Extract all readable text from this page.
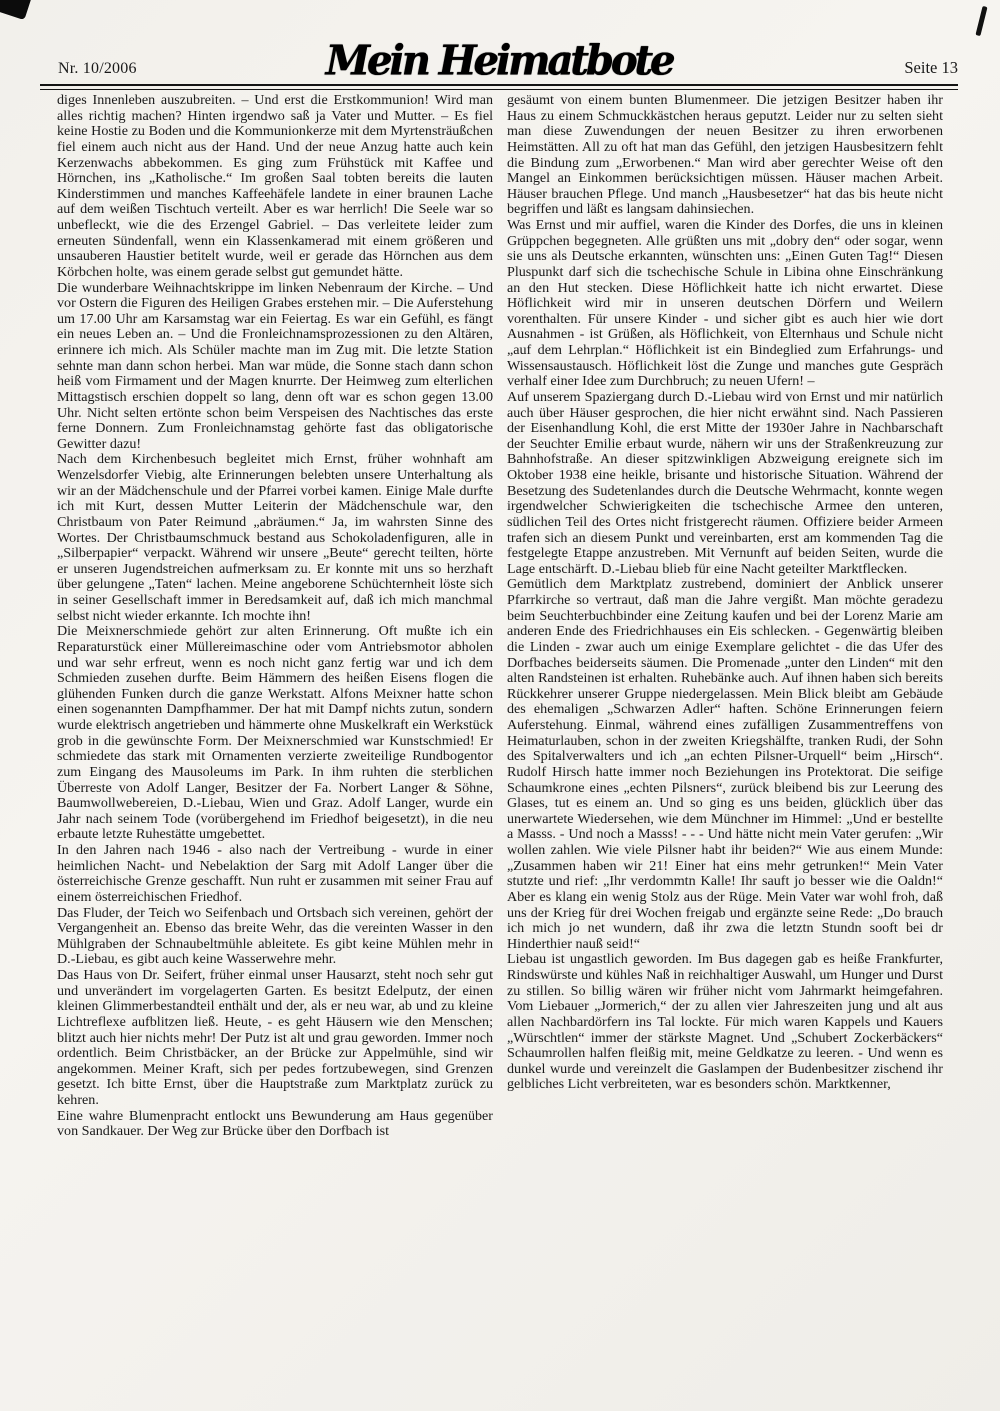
Nr. 10/2006	Mein Heimatbote	Seite 13

diges Innenleben auszubreiten. – Und erst die Erstkommunion! Wird man alles richtig machen? Hinten irgendwo saß ja Vater und Mutter. – Es fiel keine Hostie zu Boden und die Kommunionkerze mit dem Myrtensträußchen fiel einem auch nicht aus der Hand. Und der neue Anzug hatte auch kein Kerzenwachs abbekommen. Es ging zum Frühstück mit Kaffee und Hörnchen, ins „Katholische.“ Im großen Saal tobten bereits die lauten Kinderstimmen und manches Kaffeehäfele landete in einer braunen Lache auf dem weißen Tischtuch verteilt. Aber es war herrlich! Die Seele war so unbefleckt, wie die des Erzengel Gabriel. – Das verleitete leider zum erneuten Sündenfall, wenn ein Klassenkamerad mit einem größeren und unsauberen Haustier betitelt wurde, weil er gerade das Hörnchen aus dem Körbchen holte, was einem gerade selbst gut gemundet hätte.

Die wunderbare Weihnachtskrippe im linken Nebenraum der Kirche. – Und vor Ostern die Figuren des Heiligen Grabes erstehen mir. – Die Auferstehung um 17.00 Uhr am Karsamstag war ein Feiertag. Es war ein Gefühl, es fängt ein neues Leben an. – Und die Fronleichnamsprozessionen zu den Altären, erinnere ich mich. Als Schüler machte man im Zug mit. Die letzte Station sehnte man dann schon herbei. Man war müde, die Sonne stach dann schon heiß vom Firmament und der Magen knurrte. Der Heimweg zum elterlichen Mittagstisch erschien doppelt so lang, denn oft war es schon gegen 13.00 Uhr. Nicht selten ertönte schon beim Verspeisen des Nachtisches das erste ferne Donnern. Zum Fronleichnamstag gehörte fast das obligatorische Gewitter dazu!

Nach dem Kirchenbesuch begleitet mich Ernst, früher wohnhaft am Wenzelsdorfer Viebig, alte Erinnerungen belebten unsere Unterhaltung als wir an der Mädchenschule und der Pfarrei vorbei kamen. Einige Male durfte ich mit Kurt, dessen Mutter Leiterin der Mädchenschule war, den Christbaum von Pater Reimund „abräumen.“ Ja, im wahrsten Sinne des Wortes. Der Christbaumschmuck bestand aus Schokoladenfiguren, alle in „Silberpapier“ verpackt. Während wir unsere „Beute“ gerecht teilten, hörte er unseren Jugendstreichen aufmerksam zu. Er konnte mit uns so herzhaft über gelungene „Taten“ lachen. Meine angeborene Schüchternheit löste sich in seiner Gesellschaft immer in Beredsamkeit auf, daß ich mich manchmal selbst nicht wieder erkannte. Ich mochte ihn!

Die Meixnerschmiede gehört zur alten Erinnerung. Oft mußte ich ein Reparaturstück einer Müllereimaschine oder vom Antriebsmotor abholen und war sehr erfreut, wenn es noch nicht ganz fertig war und ich dem Schmieden zusehen durfte. Beim Hämmern des heißen Eisens flogen die glühenden Funken durch die ganze Werkstatt. Alfons Meixner hatte schon einen sogenannten Dampfhammer. Der hat mit Dampf nichts zutun, sondern wurde elektrisch angetrieben und hämmerte ohne Muskelkraft ein Werkstück grob in die gewünschte Form. Der Meixnerschmied war Kunstschmied! Er schmiedete das stark mit Ornamenten verzierte zweiteilige Rundbogentor zum Eingang des Mausoleums im Park. In ihm ruhten die sterblichen Überreste von Adolf Langer, Besitzer der Fa. Norbert Langer & Söhne, Baumwollwebereien, D.-Liebau, Wien und Graz. Adolf Langer, wurde ein Jahr nach seinem Tode (vorübergehend im Friedhof beigesetzt), in die neu erbaute letzte Ruhestätte umgebettet.

In den Jahren nach 1946 - also nach der Vertreibung - wurde in einer heimlichen Nacht- und Nebelaktion der Sarg mit Adolf Langer über die österreichische Grenze geschafft. Nun ruht er zusammen mit seiner Frau auf einem österreichischen Friedhof.

Das Fluder, der Teich wo Seifenbach und Ortsbach sich vereinen, gehört der Vergangenheit an. Ebenso das breite Wehr, das die vereinten Wasser in den Mühlgraben der Schnaubeltmühle ableitete. Es gibt keine Mühlen mehr in D.-Liebau, es gibt auch keine Wasserwehre mehr.

Das Haus von Dr. Seifert, früher einmal unser Hausarzt, steht noch sehr gut und unverändert im vorgelagerten Garten. Es besitzt Edelputz, der einen kleinen Glimmerbestandteil enthält und der, als er neu war, ab und zu kleine Lichtreflexe aufblitzen ließ. Heute, - es geht Häusern wie den Menschen; blitzt auch hier nichts mehr! Der Putz ist alt und grau geworden. Immer noch ordentlich. Beim Christbäcker, an der Brücke zur Appelmühle, sind wir angekommen. Meiner Kraft, sich per pedes fortzubewegen, sind Grenzen gesetzt. Ich bitte Ernst, über die Hauptstraße zum Marktplatz zurück zu kehren.

Eine wahre Blumenpracht entlockt uns Bewunderung am Haus gegenüber von Sandkauer. Der Weg zur Brücke über den Dorfbach ist

gesäumt von einem bunten Blumenmeer. Die jetzigen Besitzer haben ihr Haus zu einem Schmuckkästchen heraus geputzt. Leider nur zu selten sieht man diese Zuwendungen der neuen Besitzer zu ihren erworbenen Heimstätten. All zu oft hat man das Gefühl, den jetzigen Hausbesitzern fehlt die Bindung zum „Erworbenen.“ Man wird aber gerechter Weise oft den Mangel an Einkommen berücksichtigen müssen. Häuser machen Arbeit. Häuser brauchen Pflege. Und manch „Hausbesetzer“ hat das bis heute nicht begriffen und läßt es langsam dahinsiechen.

Was Ernst und mir auffiel, waren die Kinder des Dorfes, die uns in kleinen Grüppchen begegneten. Alle grüßten uns mit „dobry den“ oder sogar, wenn sie uns als Deutsche erkannten, wünschten uns: „Einen Guten Tag!“ Diesen Pluspunkt darf sich die tschechische Schule in Libina ohne Einschränkung an den Hut stecken. Diese Höflichkeit hatte ich nicht erwartet. Diese Höflichkeit wird mir in unseren deutschen Dörfern und Weilern vorenthalten. Für unsere Kinder - und sicher gibt es auch hier wie dort Ausnahmen - ist Grüßen, als Höflichkeit, von Elternhaus und Schule nicht „auf dem Lehrplan.“ Höflichkeit ist ein Bindeglied zum Erfahrungs- und Wissensaustausch. Höflichkeit löst die Zunge und manches gute Gespräch verhalf einer Idee zum Durchbruch; zu neuen Ufern! –

Auf unserem Spaziergang durch D.-Liebau wird von Ernst und mir natürlich auch über Häuser gesprochen, die hier nicht erwähnt sind. Nach Passieren der Eisenhandlung Kohl, die erst Mitte der 1930er Jahre in Nachbarschaft der Seuchter Emilie erbaut wurde, nähern wir uns der Straßenkreuzung zur Bahnhofstraße. An dieser spitzwinkligen Abzweigung ereignete sich im Oktober 1938 eine heikle, brisante und historische Situation. Während der Besetzung des Sudetenlandes durch die Deutsche Wehrmacht, konnte wegen irgendwelcher Schwierigkeiten die tschechische Armee den unteren, südlichen Teil des Ortes nicht fristgerecht räumen. Offiziere beider Armeen trafen sich an diesem Punkt und vereinbarten, erst am kommenden Tag die festgelegte Etappe anzustreben. Mit Vernunft auf beiden Seiten, wurde die Lage entschärft. D.-Liebau blieb für eine Nacht geteilter Marktflecken.

Gemütlich dem Marktplatz zustrebend, dominiert der Anblick unserer Pfarrkirche so vertraut, daß man die Jahre vergißt. Man möchte geradezu beim Seuchterbuchbinder eine Zeitung kaufen und bei der Lorenz Marie am anderen Ende des Friedrichhauses ein Eis schlecken. - Gegenwärtig bleiben die Linden - zwar auch um einige Exemplare gelichtet - die das Ufer des Dorfbaches beiderseits säumen. Die Promenade „unter den Linden“ mit den alten Randsteinen ist erhalten. Ruhebänke auch. Auf ihnen haben sich bereits Rückkehrer unserer Gruppe niedergelassen. Mein Blick bleibt am Gebäude des ehemaligen „Schwarzen Adler“ haften. Schöne Erinnerungen feiern Auferstehung. Einmal, während eines zufälligen Zusammentreffens von Heimaturlauben, schon in der zweiten Kriegshälfte, tranken Rudi, der Sohn des Spitalverwalters und ich „an echten Pilsner-Urquell“ beim „Hirsch“. Rudolf Hirsch hatte immer noch Beziehungen ins Protektorat. Die seifige Schaumkrone eines „echten Pilsners“, zurück bleibend bis zur Leerung des Glases, tut es einem an. Und so ging es uns beiden, glücklich über das unerwartete Wiedersehen, wie dem Münchner im Himmel: „Und er bestellte a Masss. - Und noch a Masss! - - - Und hätte nicht mein Vater gerufen: „Wir wollen zahlen. Wie viele Pilsner habt ihr beiden?“ Wie aus einem Munde: „Zusammen haben wir 21! Einer hat eins mehr getrunken!“ Mein Vater stutzte und rief: „Ihr verdommtn Kalle! Ihr sauft jo besser wie die Oaldn!“ Aber es klang ein wenig Stolz aus der Rüge. Mein Vater war wohl froh, daß uns der Krieg für drei Wochen freigab und ergänzte seine Rede: „Do brauch ich mich jo net wundern, daß ihr zwa die letztn Stundn sooft bei dr Hinderthier nauß seid!“

Liebau ist ungastlich geworden. Im Bus dagegen gab es heiße Frankfurter, Rindswürste und kühles Naß in reichhaltiger Auswahl, um Hunger und Durst zu stillen. So billig wären wir früher nicht vom Jahrmarkt heimgefahren. Vom Liebauer „Jormerich,“ der zu allen vier Jahreszeiten jung und alt aus allen Nachbardörfern ins Tal lockte. Für mich waren Kappels und Kauers „Würschtlen“ immer der stärkste Magnet. Und „Schubert Zockerbäckers“ Schaumrollen halfen fleißig mit, meine Geldkatze zu leeren. - Und wenn es dunkel wurde und vereinzelt die Gaslampen der Budenbesitzer zischend ihr gelbliches Licht verbreiteten, war es besonders schön. Marktkenner,
